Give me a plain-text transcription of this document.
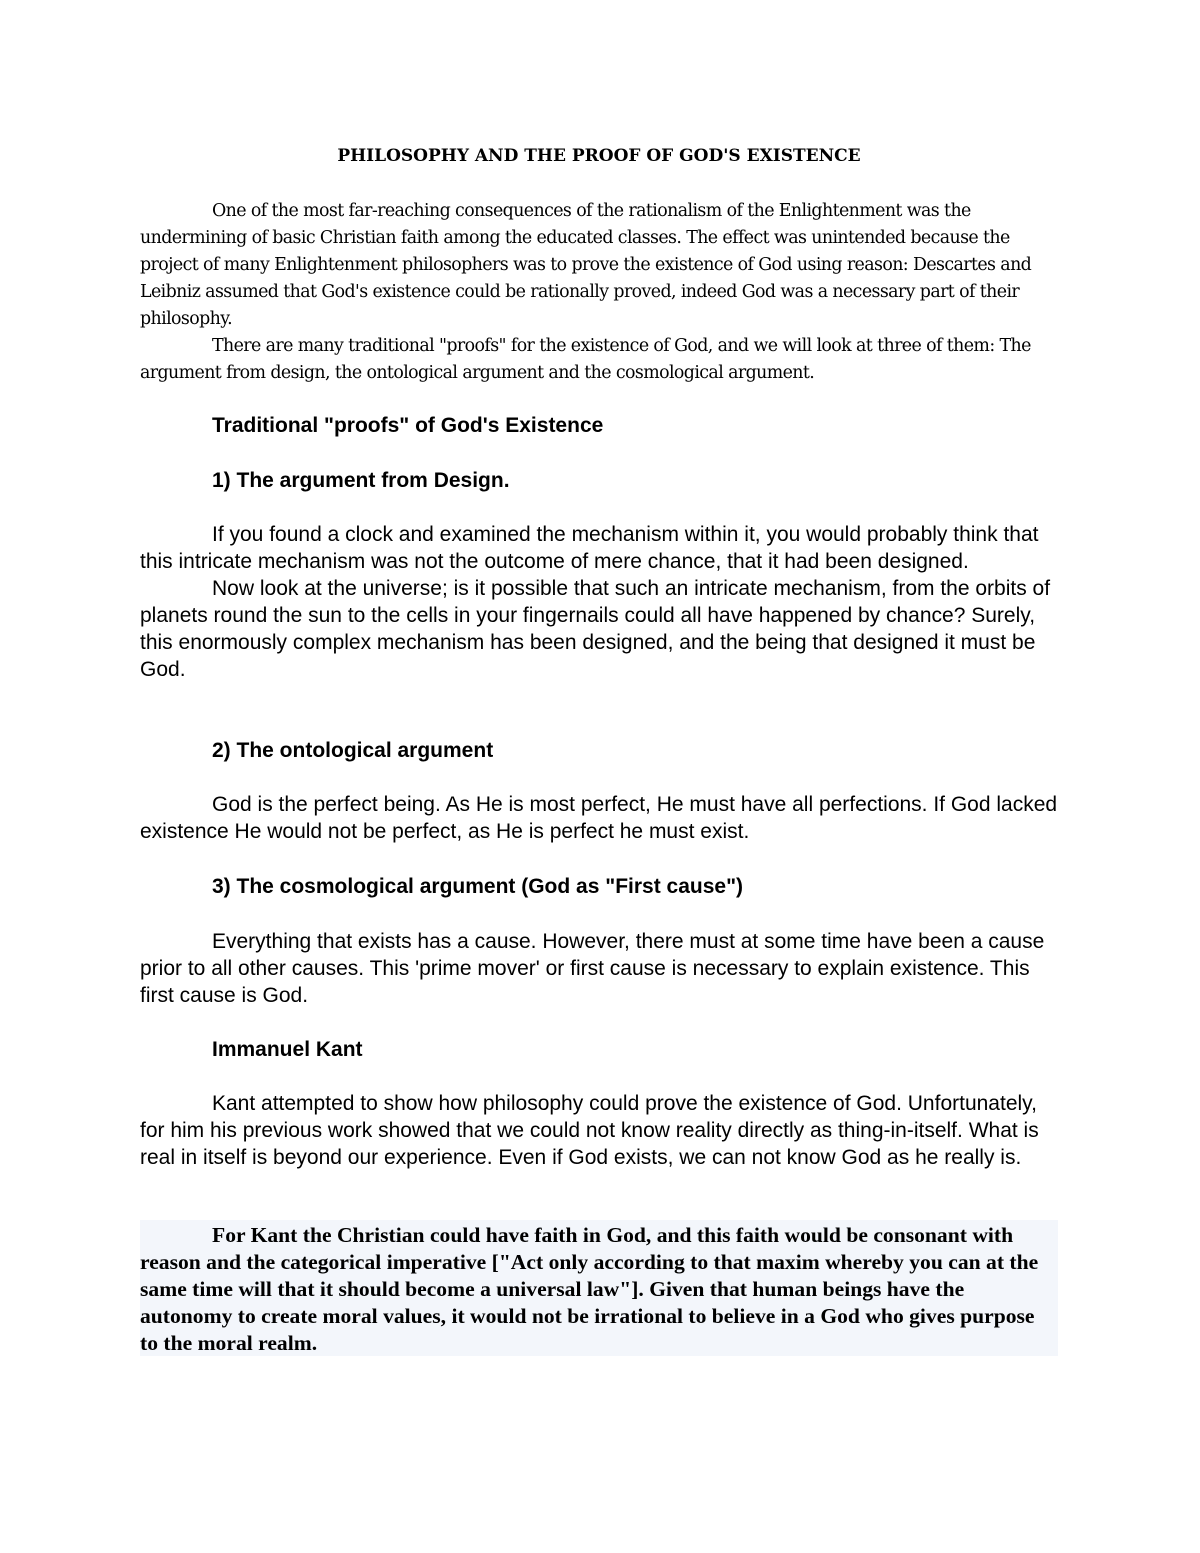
PHILOSOPHY AND THE PROOF OF GOD'S EXISTENCE

One of the most far-reaching consequences of the rationalism of the Enlightenment was the undermining of basic Christian faith among the educated classes. The effect was unintended because the project of many Enlightenment philosophers was to prove the existence of God using reason: Descartes and Leibniz assumed that God's existence could be rationally proved, indeed God was a necessary part of their philosophy.

There are many traditional "proofs" for the existence of God, and we will look at three of them: The argument from design, the ontological argument and the cosmological argument.

Traditional "proofs" of God's Existence
1) The argument from Design.

If you found a clock and examined the mechanism within it, you would probably think that this intricate mechanism was not the outcome of mere chance, that it had been designed.

Now look at the universe; is it possible that such an intricate mechanism, from the orbits of planets round the sun to the cells in your fingernails could all have happened by chance? Surely, this enormously complex mechanism has been designed, and the being that designed it must be God.

2) The ontological argument

God is the perfect being. As He is most perfect, He must have all perfections. If God lacked existence He would not be perfect, as He is perfect he must exist.

3) The cosmological argument (God as "First cause")

Everything that exists has a cause. However, there must at some time have been a cause prior to all other causes. This 'prime mover' or first cause is necessary to explain existence. This first cause is God.

Immanuel Kant

Kant attempted to show how philosophy could prove the existence of God. Unfortunately, for him his previous work showed that we could not know reality directly as thing-in-itself. What is real in itself is beyond our experience. Even if God exists, we can not know God as he really is.

For Kant the Christian could have faith in God, and this faith would be consonant with reason and the categorical imperative ["Act only according to that maxim whereby you can at the same time will that it should become a universal law"]. Given that human beings have the autonomy to create moral values, it would not be irrational to believe in a God who gives purpose to the moral realm.
